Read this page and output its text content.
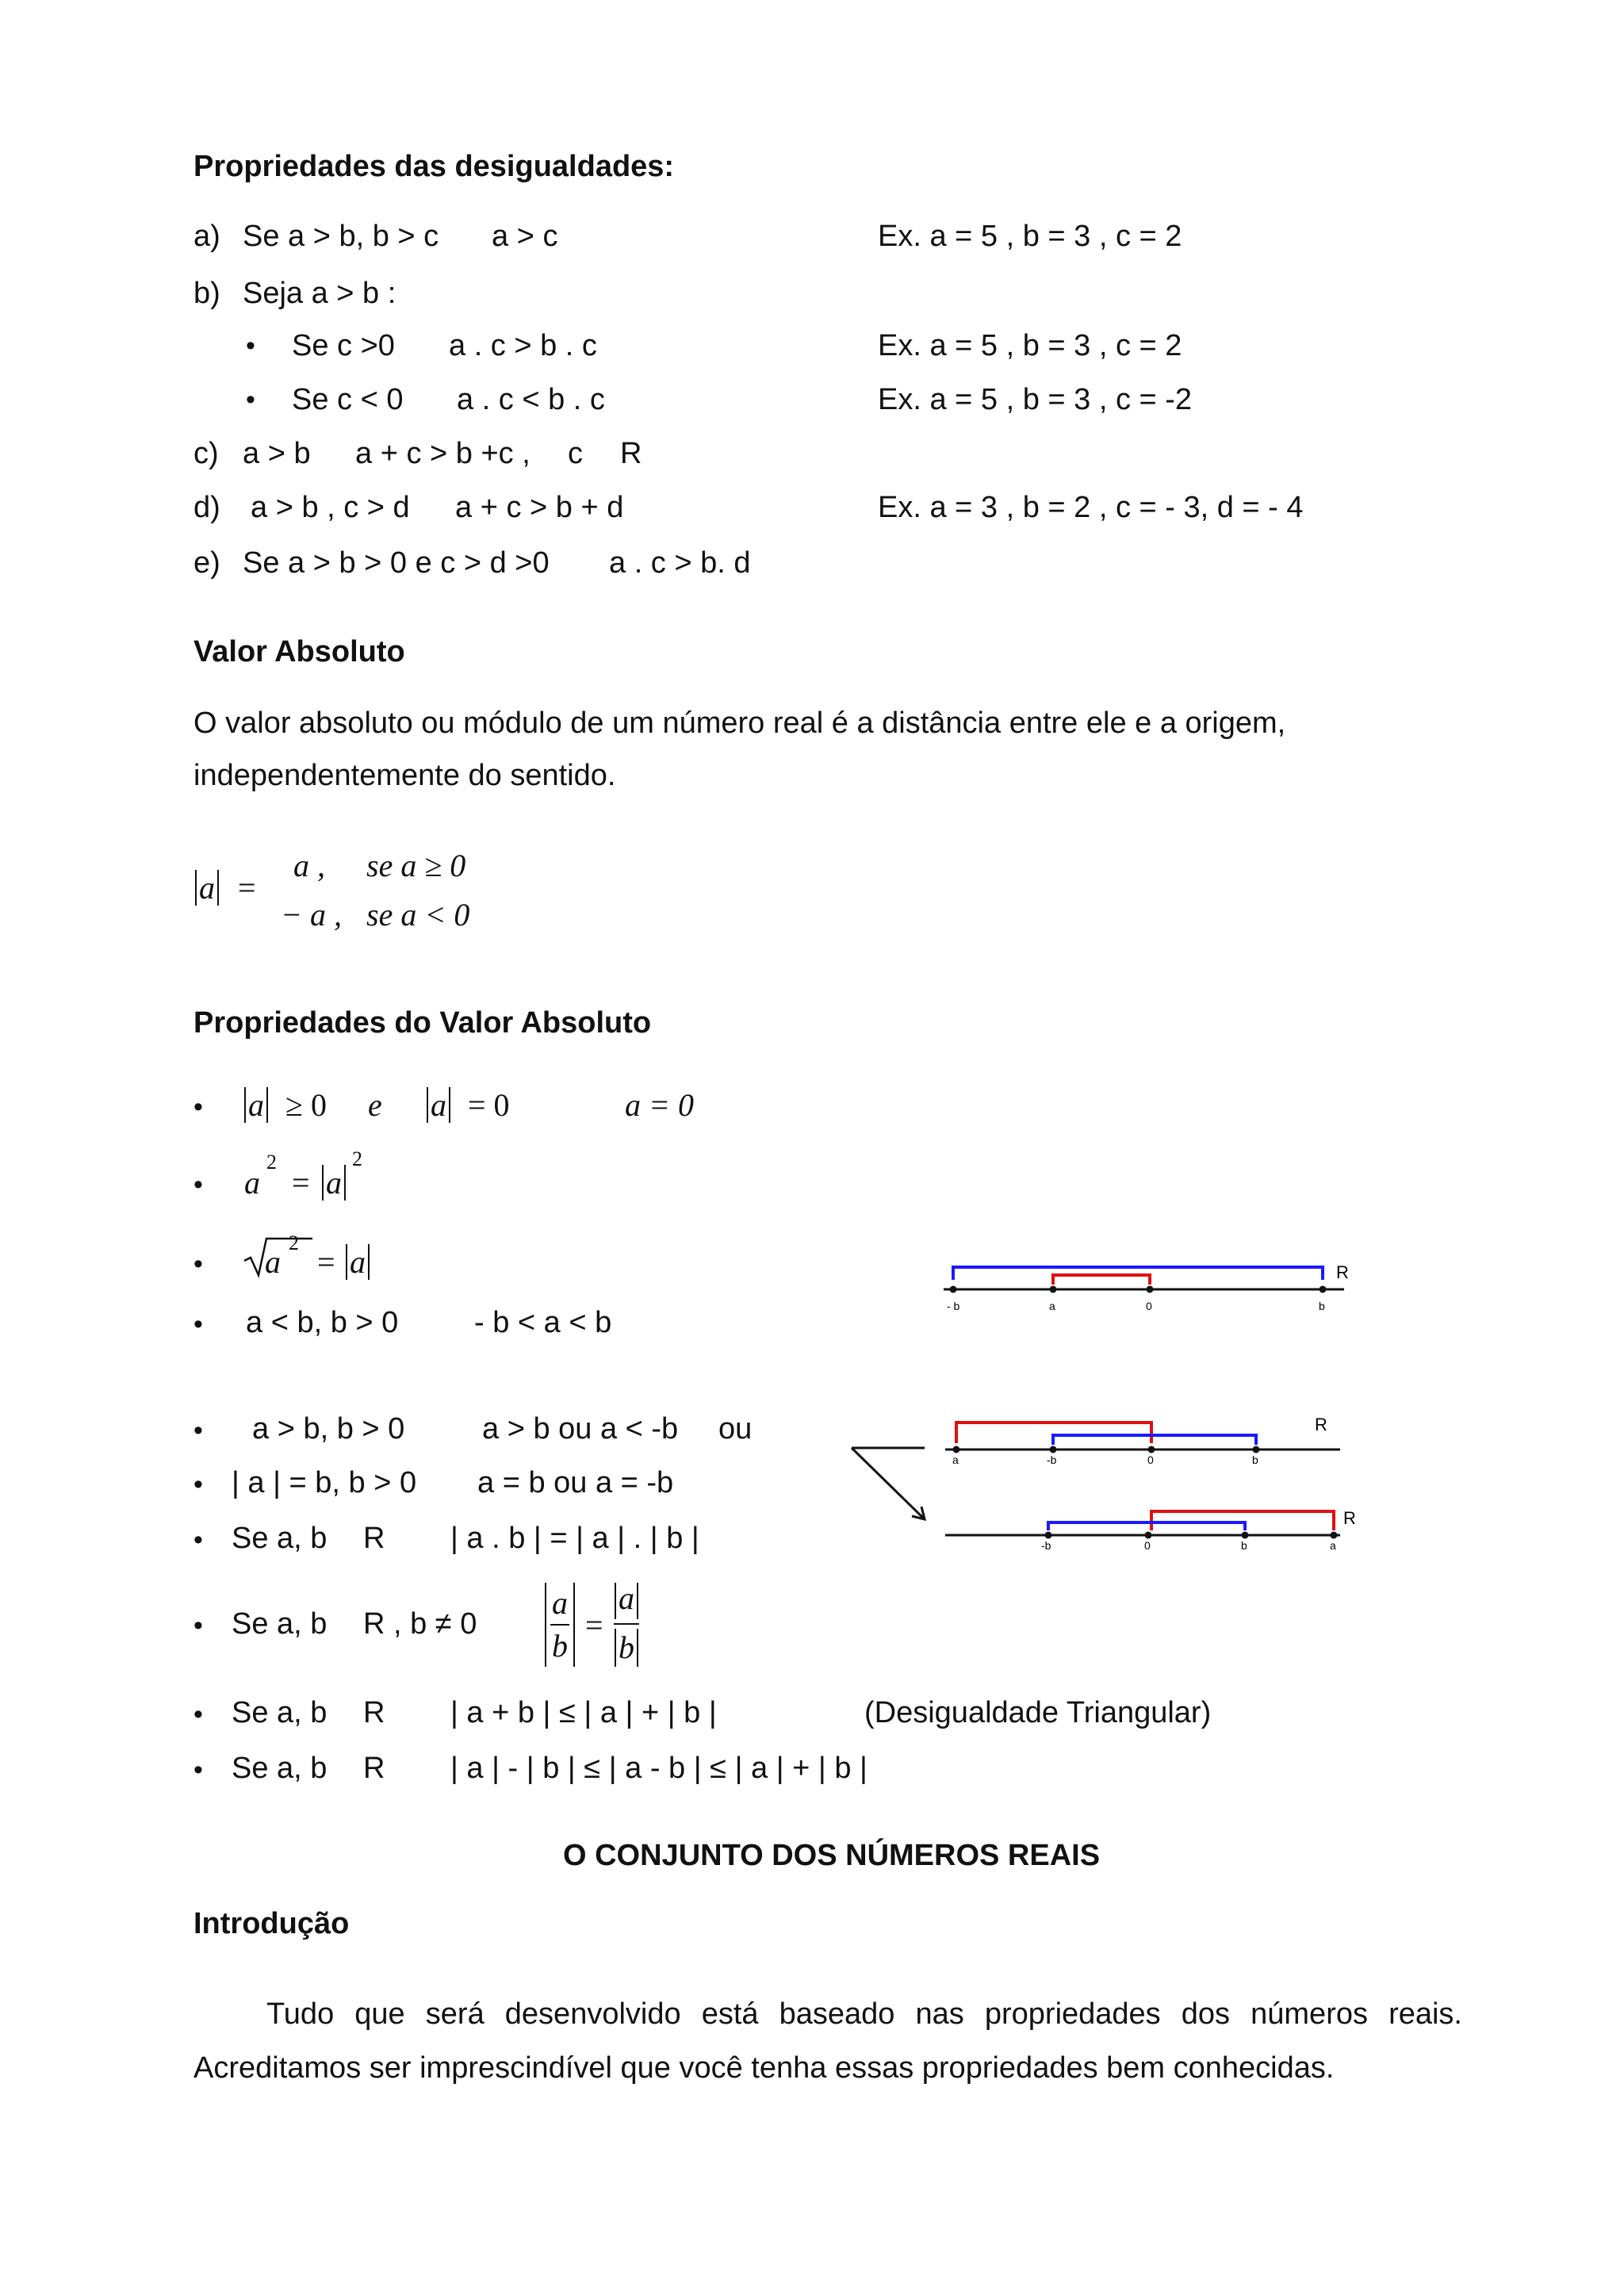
Propriedades das desigualdades:
a) Se a > b, b > c a > c	Ex. a = 5 , b = 3 , c = 2
b) Seja a > b :
• Se c >0 a . c > b . c	Ex. a = 5 , b = 3 , c = 2
• Se c < 0 a . c < b . c	Ex. a = 5 , b = 3 , c = -2
c) a > b a + c > b +c , c R
d) a > b , c > d a + c > b + d	Ex. a = 3 , b = 2 , c = - 3, d = - 4
e) Se a > b > 0 e c > d >0 a . c > b. d
Valor Absoluto
O valor absoluto ou módulo de um número real é a distância entre ele e a origem,
independentemente do sentido.
a =
a , se a ≥ 0
− a , se a < 0
Propriedades do Valor Absoluto
• a ≥ 0 e a = 0	a = 0
• a
2
= a
2
• a
2
= a
• a < b, b > 0	- b < a < b
• a > b, b > 0	a > b ou a < -b ou
• | a | = b, b > 0 a = b ou a = -b
• Se a, b R | a . b | = | a | . | b |
• Se a, b R , b ≠ 0
a
b
=
a
b
• Se a, b R | a + b | ≤ | a | + | b |	(Desigualdade Triangular)
• Se a, b R | a | - | b | ≤ | a - b | ≤ | a | + | b |
R
- b	a	0	b
R
a	-b	0	b
R
-b	0	b	a
O CONJUNTO DOS NÚMEROS REAIS
Introdução
Tudo que será desenvolvido está baseado nas propriedades dos números reais.
Acreditamos ser imprescindível que você tenha essas propriedades bem conhecidas.
